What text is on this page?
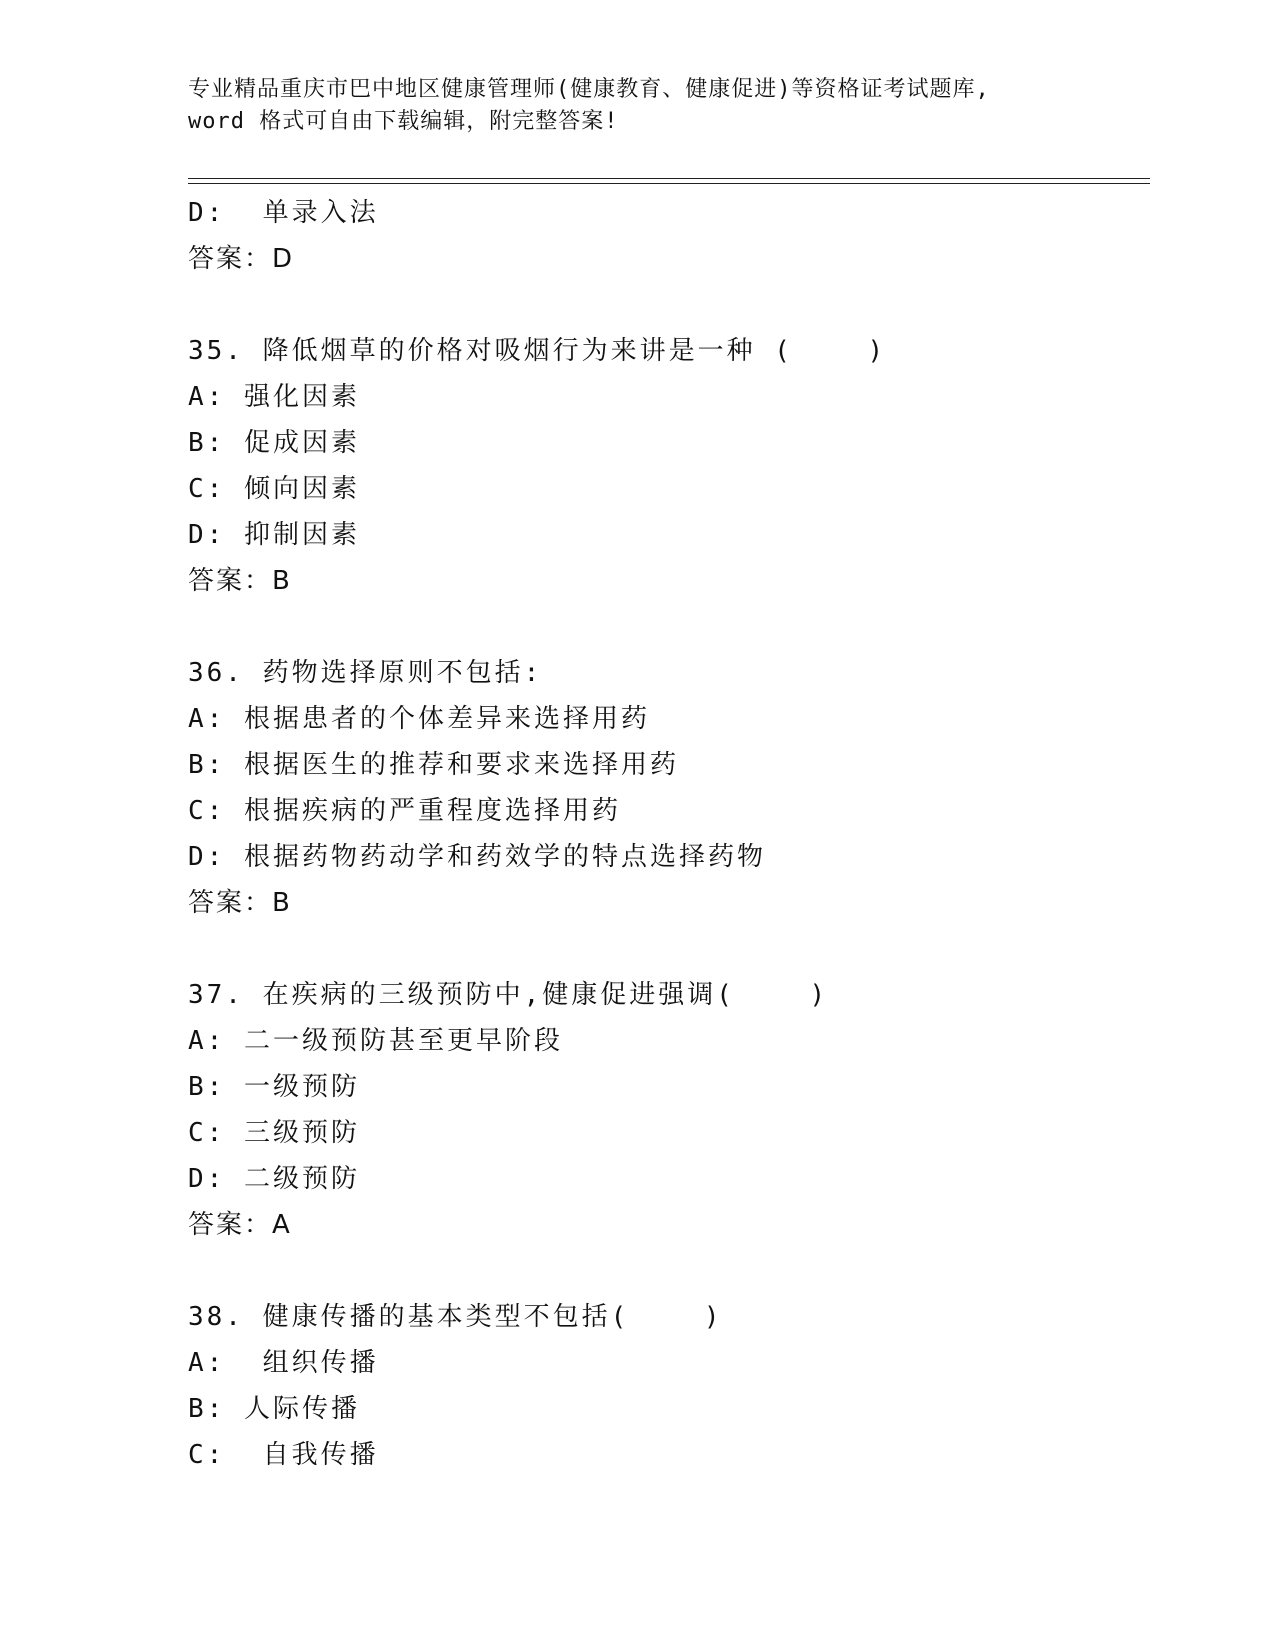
专业精品重庆市巴中地区健康管理师(健康教育、健康促进)等资格证考试题库,
word 格式可自由下载编辑，附完整答案!
D:  单录入法
答案：D
35. 降低烟草的价格对吸烟行为来讲是一种 (    )
A: 强化因素
B: 促成因素
C: 倾向因素
D: 抑制因素
答案：B
36. 药物选择原则不包括:
A: 根据患者的个体差异来选择用药
B: 根据医生的推荐和要求来选择用药
C: 根据疾病的严重程度选择用药
D: 根据药物药动学和药效学的特点选择药物
答案：B
37. 在疾病的三级预防中,健康促进强调(    )
A: 二一级预防甚至更早阶段
B: 一级预防
C: 三级预防
D: 二级预防
答案：A
38. 健康传播的基本类型不包括(    )
A:  组织传播
B: 人际传播
C:  自我传播
